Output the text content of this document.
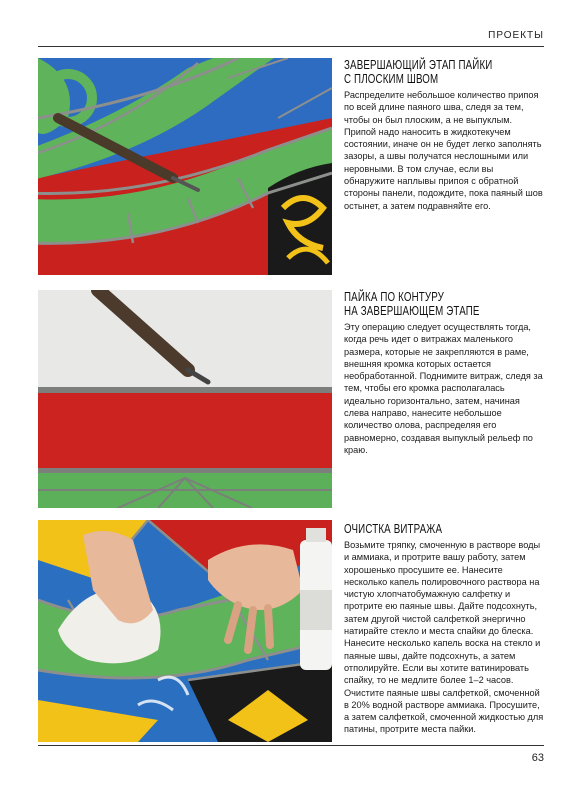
ПРОЕКТЫ
ЗАВЕРШАЮЩИЙ ЭТАП ПАЙКИ
С ПЛОСКИМ ШВОМ

Распределите небольшое количество припоя по всей длине паяного шва, следя за тем, чтобы он был плоским, а не выпуклым. Припой надо наносить в жидкотекучем состоянии, иначе он не будет легко заполнять зазоры, а швы получатся неслошными или неровными. В том случае, если вы обнаружите наплывы припоя с обратной стороны панели, подождите, пока паяный шов остынет, а затем подравняйте его.

ПАЙКА ПО КОНТУРУ
НА ЗАВЕРШАЮЩЕМ ЭТАПЕ

Эту операцию следует осуществлять тогда, когда речь идет о витражах маленького размера, которые не закрепляются в раме, внешняя кромка которых остается необработанной. Поднимите витраж, следя за тем, чтобы его кромка располагалась идеально горизонтально, затем, начиная слева направо, нанесите небольшое количество олова, распределяя его равномерно, создавая выпуклый рельеф по краю.

ОЧИСТКА ВИТРАЖА

Возьмите тряпку, смоченную в растворе воды и аммиака, и протрите вашу работу, затем хорошенько просушите ее. Нанесите несколько капель полировочного раствора на чистую хлопчатобумажную салфетку и протрите ею паяные швы. Дайте подсохнуть, затем другой чистой салфеткой энергично натирайте стекло и места спайки до блеска. Нанесите несколько капель воска на стекло и паяные швы, дайте подсохнуть, а затем отполируйте. Если вы хотите ватинировать спайку, то не медлите более 1–2 часов. Очистите паяные швы салфеткой, смоченной в 20% водной растворе аммиака. Просушите, а затем салфеткой, смоченной жидкостью для патины, протрите места пайки.

63
